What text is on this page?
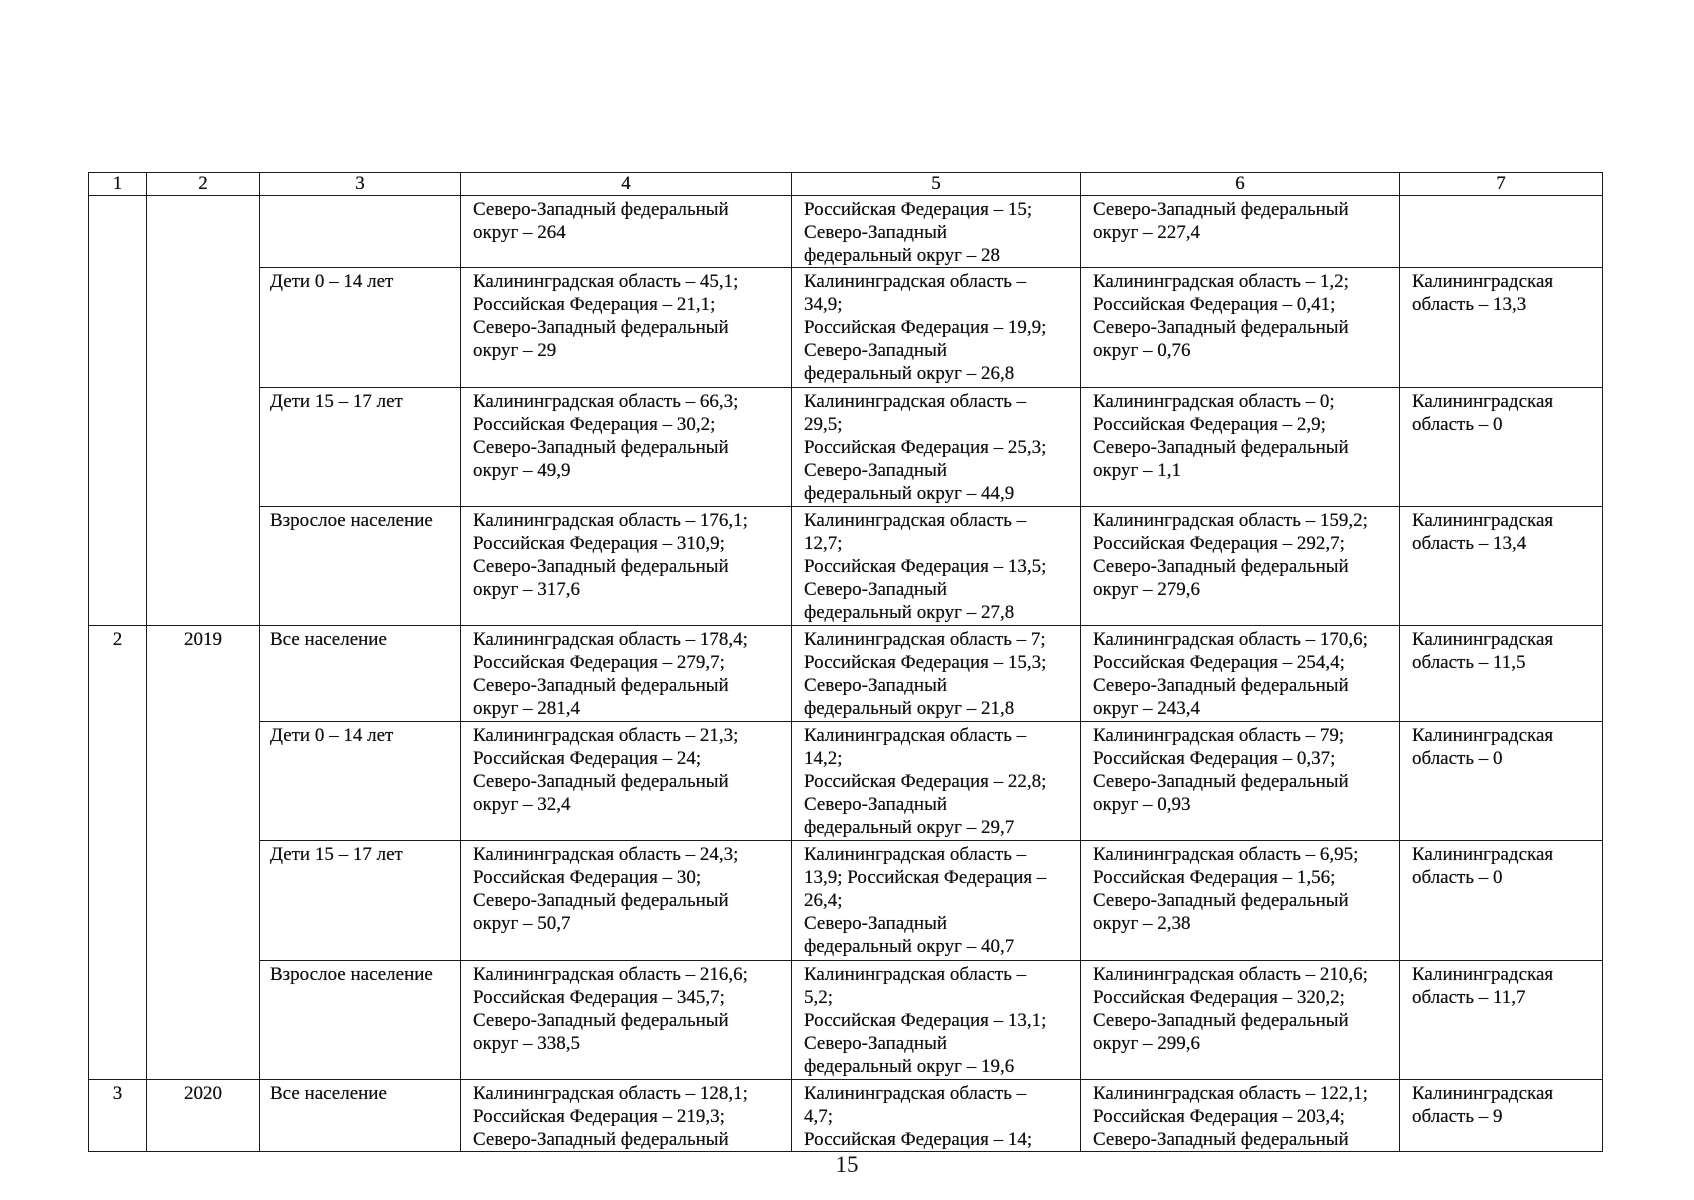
1	2	3	4	5	6	7
			Северо-Западный федеральный
округ – 264	Российская Федерация – 15;
Северо-Западный
федеральный округ – 28	Северо-Западный федеральный
округ – 227,4	
		Дети 0 – 14 лет	Калининградская область – 45,1;
Российская Федерация – 21,1;
Северо-Западный федеральный
округ – 29	Калининградская область –
34,9;
Российская Федерация – 19,9;
Северо-Западный
федеральный округ – 26,8	Калининградская область – 1,2;
Российская Федерация – 0,41;
Северо-Западный федеральный
округ – 0,76	Калининградская
область – 13,3
		Дети 15 – 17 лет	Калининградская область – 66,3;
Российская Федерация – 30,2;
Северо-Западный федеральный
округ – 49,9	Калининградская область –
29,5;
Российская Федерация – 25,3;
Северо-Западный
федеральный округ – 44,9	Калининградская область – 0;
Российская Федерация – 2,9;
Северо-Западный федеральный
округ – 1,1	Калининградская
область – 0
		Взрослое население	Калининградская область – 176,1;
Российская Федерация – 310,9;
Северо-Западный федеральный
округ – 317,6	Калининградская область –
12,7;
Российская Федерация – 13,5;
Северо-Западный
федеральный округ – 27,8	Калининградская область – 159,2;
Российская Федерация – 292,7;
Северо-Западный федеральный
округ – 279,6	Калининградская
область – 13,4
2	2019	Все население	Калининградская область – 178,4;
Российская Федерация – 279,7;
Северо-Западный федеральный
округ – 281,4	Калининградская область – 7;
Российская Федерация – 15,3;
Северо-Западный
федеральный округ – 21,8	Калининградская область – 170,6;
Российская Федерация – 254,4;
Северо-Западный федеральный
округ – 243,4	Калининградская
область – 11,5
		Дети 0 – 14 лет	Калининградская область – 21,3;
Российская Федерация – 24;
Северо-Западный федеральный
округ – 32,4	Калининградская область –
14,2;
Российская Федерация – 22,8;
Северо-Западный
федеральный округ – 29,7	Калининградская область – 79;
Российская Федерация – 0,37;
Северо-Западный федеральный
округ – 0,93	Калининградская
область – 0
		Дети 15 – 17 лет	Калининградская область – 24,3;
Российская Федерация – 30;
Северо-Западный федеральный
округ – 50,7	Калининградская область –
13,9; Российская Федерация –
26,4;
Северо-Западный
федеральный округ – 40,7	Калининградская область – 6,95;
Российская Федерация – 1,56;
Северо-Западный федеральный
округ – 2,38	Калининградская
область – 0
		Взрослое население	Калининградская область – 216,6;
Российская Федерация – 345,7;
Северо-Западный федеральный
округ – 338,5	Калининградская область –
5,2;
Российская Федерация – 13,1;
Северо-Западный
федеральный округ – 19,6	Калининградская область – 210,6;
Российская Федерация – 320,2;
Северо-Западный федеральный
округ – 299,6	Калининградская
область – 11,7
3	2020	Все население	Калининградская область – 128,1;
Российская Федерация – 219,3;
Северо-Западный федеральный	Калининградская область –
4,7;
Российская Федерация – 14;	Калининградская область – 122,1;
Российская Федерация – 203,4;
Северо-Западный федеральный	Калининградская
область – 9
15
